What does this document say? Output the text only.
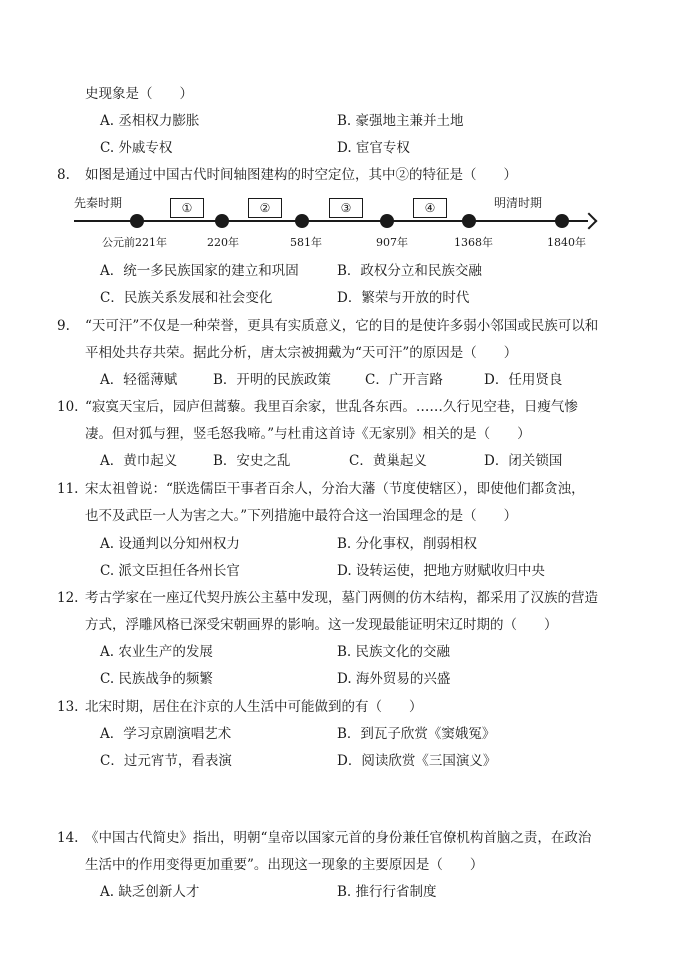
史现象是（　　）
A. 丞相权力膨胀	B. 豪强地主兼并土地
C. 外戚专权	D. 宦官专权
8. 如图是通过中国古代时间轴图建构的时空定位，其中②的特征是（　　）
先秦时期	明清时期
①	②	③	④
公元前221年	220年	581年	907年	1368年	1840年
A．统一多民族国家的建立和巩固	B．政权分立和民族交融
C．民族关系发展和社会变化	D．繁荣与开放的时代
9. “天可汗”不仅是一种荣誉，更具有实质意义，它的目的是使许多弱小邻国或民族可以和
平相处共存共荣。据此分析，唐太宗被拥戴为“天可汗”的原因是（　　）
A．轻徭薄赋	B．开明的民族政策	C．广开言路	D．任用贤良
10. “寂寞天宝后，园庐但蒿藜。我里百余家，世乱各东西。……久行见空巷，日瘦气惨
凄。但对狐与狸，竖毛怒我啼。”与杜甫这首诗《无家别》相关的是（　　）
A．黄巾起义	B．安史之乱	C．黄巢起义	D．闭关锁国
11. 宋太祖曾说：“朕选儒臣干事者百余人，分治大藩（节度使辖区），即使他们都贪浊，
也不及武臣一人为害之大。”下列措施中最符合这一治国理念的是（　　）
A. 设通判以分知州权力	B. 分化事权，削弱相权
C. 派文臣担任各州长官	D. 设转运使，把地方财赋收归中央
12. 考古学家在一座辽代契丹族公主墓中发现，墓门两侧的仿木结构，都采用了汉族的营造
方式，浮雕风格已深受宋朝画界的影响。这一发现最能证明宋辽时期的（　　）
A. 农业生产的发展	B. 民族文化的交融
C. 民族战争的频繁	D. 海外贸易的兴盛
13. 北宋时期，居住在汴京的人生活中可能做到的有（　　）
A．学习京剧演唱艺术	B．到瓦子欣赏《窦娥冤》
C．过元宵节，看表演	D．阅读欣赏《三国演义》
14. 《中国古代简史》指出，明朝“皇帝以国家元首的身份兼任官僚机构首脑之责，在政治
生活中的作用变得更加重要”。出现这一现象的主要原因是（　　）
A. 缺乏创新人才	B. 推行行省制度
